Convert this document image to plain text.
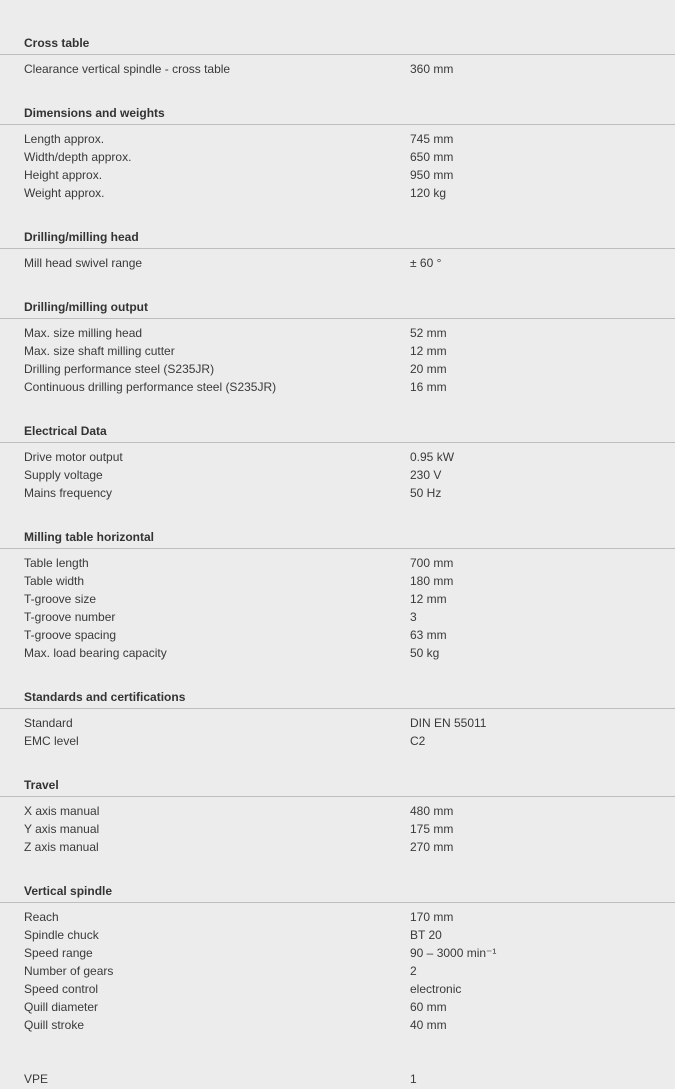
Cross table
Clearance vertical spindle - cross table	360 mm
Dimensions and weights
Length approx.	745 mm
Width/depth approx.	650 mm
Height approx.	950 mm
Weight approx.	120 kg
Drilling/milling head
Mill head swivel range	± 60 °
Drilling/milling output
Max. size milling head	52 mm
Max. size shaft milling cutter	12 mm
Drilling performance steel (S235JR)	20 mm
Continuous drilling performance steel (S235JR)	16 mm
Electrical Data
Drive motor output	0.95 kW
Supply voltage	230 V
Mains frequency	50 Hz
Milling table horizontal
Table length	700 mm
Table width	180 mm
T-groove size	12 mm
T-groove number	3
T-groove spacing	63 mm
Max. load bearing capacity	50 kg
Standards and certifications
Standard	DIN EN 55011
EMC level	C2
Travel
X axis manual	480 mm
Y axis manual	175 mm
Z axis manual	270 mm
Vertical spindle
Reach	170 mm
Spindle chuck	BT 20
Speed range	90 – 3000 min⁻¹
Number of gears	2
Speed control	electronic
Quill diameter	60 mm
Quill stroke	40 mm
VPE	1
